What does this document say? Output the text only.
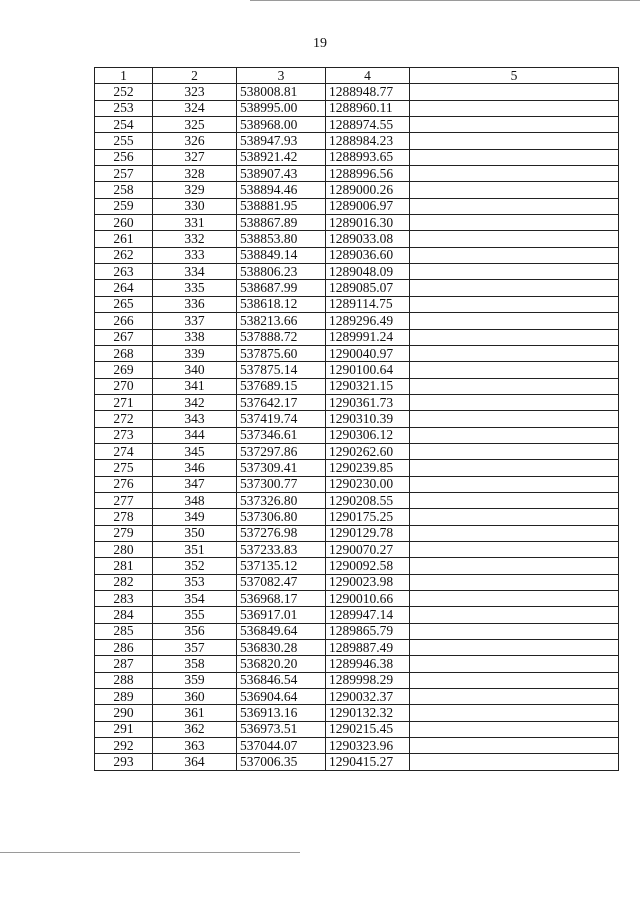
19
1	2	3	4	5
252	323	538008.81	1288948.77	
253	324	538995.00	1288960.11	
254	325	538968.00	1288974.55	
255	326	538947.93	1288984.23	
256	327	538921.42	1288993.65	
257	328	538907.43	1288996.56	
258	329	538894.46	1289000.26	
259	330	538881.95	1289006.97	
260	331	538867.89	1289016.30	
261	332	538853.80	1289033.08	
262	333	538849.14	1289036.60	
263	334	538806.23	1289048.09	
264	335	538687.99	1289085.07	
265	336	538618.12	1289114.75	
266	337	538213.66	1289296.49	
267	338	537888.72	1289991.24	
268	339	537875.60	1290040.97	
269	340	537875.14	1290100.64	
270	341	537689.15	1290321.15	
271	342	537642.17	1290361.73	
272	343	537419.74	1290310.39	
273	344	537346.61	1290306.12	
274	345	537297.86	1290262.60	
275	346	537309.41	1290239.85	
276	347	537300.77	1290230.00	
277	348	537326.80	1290208.55	
278	349	537306.80	1290175.25	
279	350	537276.98	1290129.78	
280	351	537233.83	1290070.27	
281	352	537135.12	1290092.58	
282	353	537082.47	1290023.98	
283	354	536968.17	1290010.66	
284	355	536917.01	1289947.14	
285	356	536849.64	1289865.79	
286	357	536830.28	1289887.49	
287	358	536820.20	1289946.38	
288	359	536846.54	1289998.29	
289	360	536904.64	1290032.37	
290	361	536913.16	1290132.32	
291	362	536973.51	1290215.45	
292	363	537044.07	1290323.96	
293	364	537006.35	1290415.27	
